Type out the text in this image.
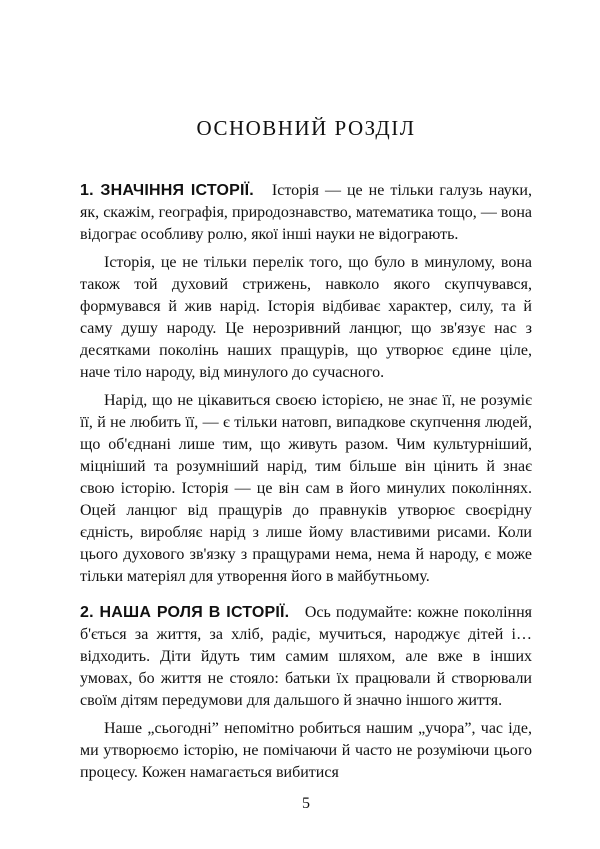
ОСНОВНИЙ РОЗДІЛ

1. ЗНАЧІННЯ ІСТОРІЇ. Історія — це не тільки галузь науки, як, скажім, географія, природознавство, математика тощо, — вона відограє особливу ролю, якої інші науки не відограють.

Історія, це не тільки перелік того, що було в минулому, вона також той духовий стрижень, навколо якого скупчувався, формувався й жив нарід. Історія відбиває характер, силу, та й саму душу народу. Це нерозривний ланцюг, що зв'язує нас з десятками поколінь наших пращурів, що утворює єдине ціле, наче тіло народу, від минулого до сучасного.

Нарід, що не цікавиться своєю історією, не знає її, не розуміє її, й не любить її, — є тільки натовп, випадкове скупчення людей, що об'єднані лише тим, що живуть разом. Чим культурніший, міцніший та розумніший нарід, тим більше він цінить й знає свою історію. Історія — це він сам в його минулих поколіннях. Оцей ланцюг від пращурів до правнуків утворює своєрідну єдність, виробляє нарід з лише йому властивими рисами. Коли цього духового зв'язку з пращурами нема, нема й народу, є може тільки матеріял для утворення його в майбутньому.

2. НАША РОЛЯ В ІСТОРІЇ. Ось подумайте: кожне покоління б'ється за життя, за хліб, радіє, мучиться, народжує дітей і… відходить. Діти йдуть тим самим шляхом, але вже в інших умовах, бо життя не стояло: батьки їх працювали й створювали своїм дітям передумови для дальшого й значно іншого життя.

Наше „сьогодні” непомітно робиться нашим „учора”, час іде, ми утворюємо історію, не помічаючи й часто не розуміючи цього процесу. Кожен намагається вибитися

5
